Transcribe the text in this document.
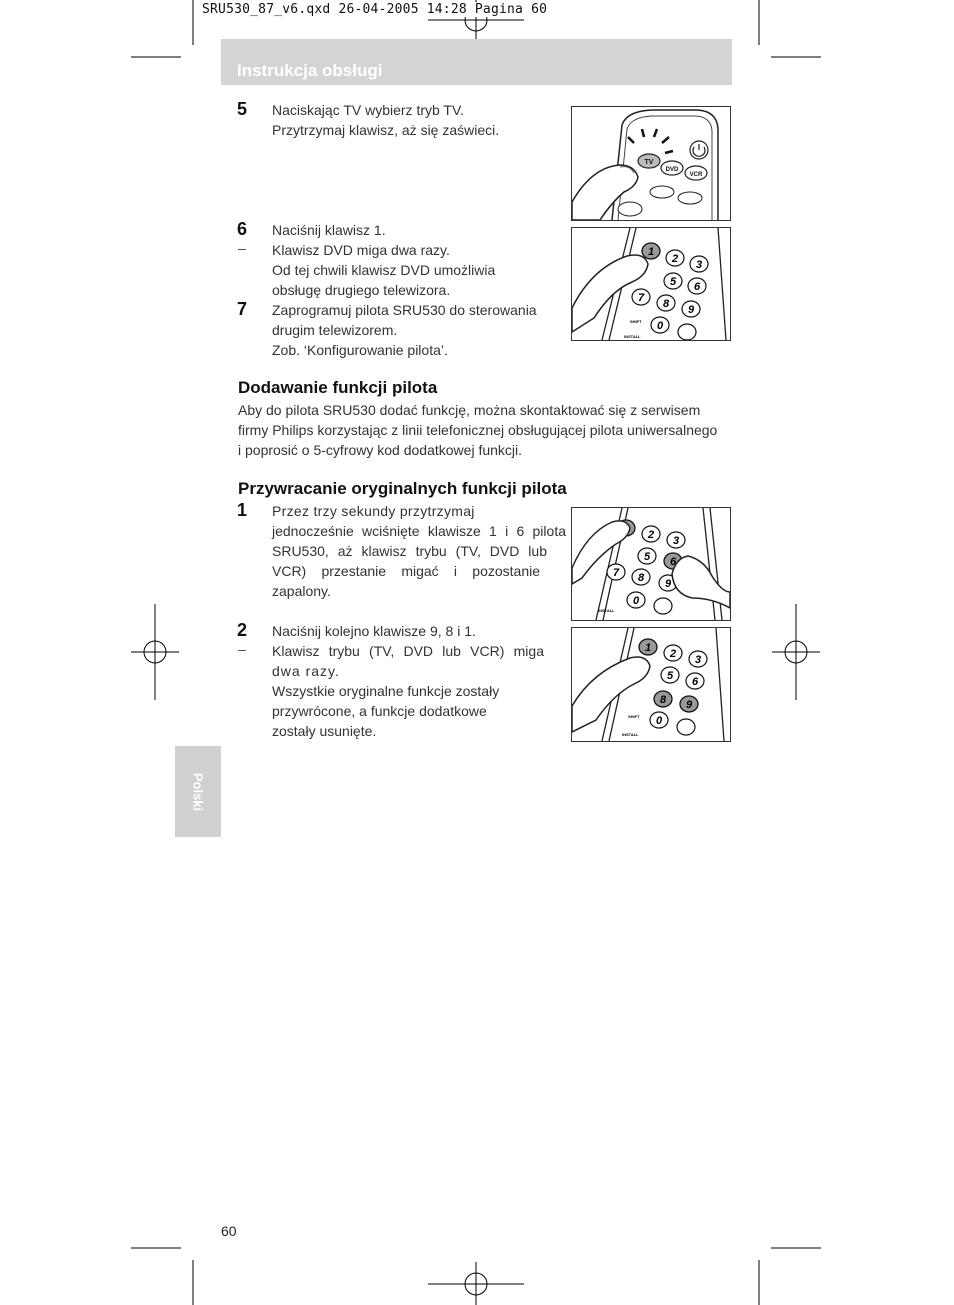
SRU530_87_v6.qxd 26-04-2005 14:28 Pagina 60
Instrukcja obsługi
Polski
5 Naciskając TV wybierz tryb TV.

Przytrzymaj klawisz, aż się zaświeci.

6 Naciśnij klawisz 1.

– Klawisz DVD miga dwa razy.

Od tej chwili klawisz DVD umożliwia

obsługę drugiego telewizora.

7 Zaprogramuj pilota SRU530 do sterowania

drugim telewizorem.

Zob. ‘Konfigurowanie pilota’.

Dodawanie funkcji pilota

Aby do pilota SRU530 dodać funkcję, można skontaktować się z serwisem

firmy Philips korzystając z linii telefonicznej obsługującej pilota uniwersalnego

i poprosić o 5-cyfrowy kod dodatkowej funkcji.

Przywracanie oryginalnych funkcji pilota
1 Przez trzy sekundy przytrzymaj

jednocześnie wciśnięte klawisze 1 i 6 pilota

SRU530, aż klawisz trybu (TV, DVD lub

VCR) przestanie migać i pozostanie

zapalony.

2 Naciśnij kolejno klawisze 9, 8 i 1.

– Klawisz trybu (TV, DVD lub VCR) miga

dwa razy.

Wszystkie oryginalne funkcje zostały

przywrócone, a funkcje dodatkowe

zostały usunięte.

TV
DVD
VCR
1
2 3
5 6
7 8 9
0
SHIFT
INSTALL
2 3
5 6
7 8 9
0
INSTALL
1 2 3
5 6
8 9
0
SHIFT
INSTALL
60
